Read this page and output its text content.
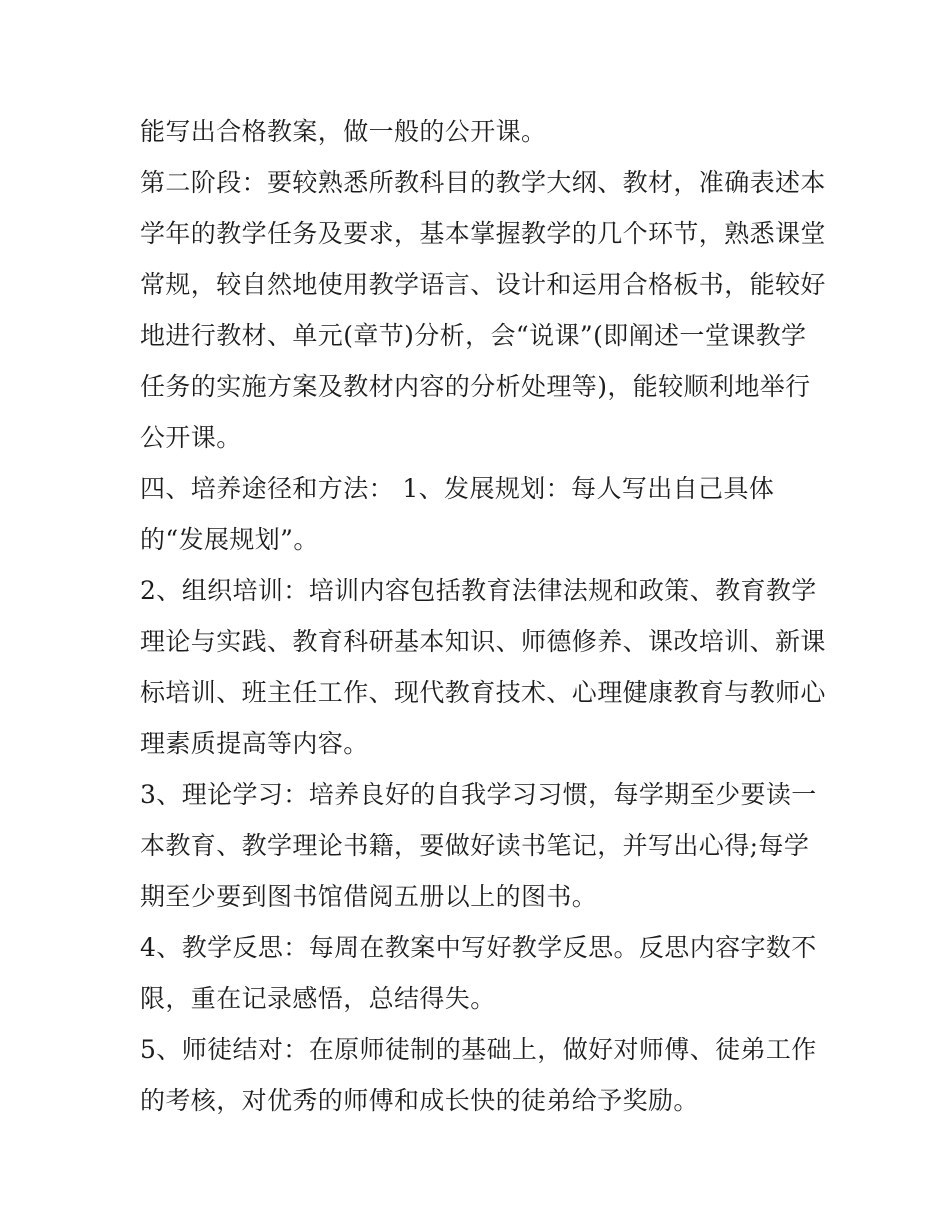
能写出合格教案，做一般的公开课。
第二阶段：要较熟悉所教科目的教学大纲、教材，准确表述本
学年的教学任务及要求，基本掌握教学的几个环节，熟悉课堂
常规，较自然地使用教学语言、设计和运用合格板书，能较好
地进行教材、单元(章节)分析，会“说课”(即阐述一堂课教学
任务的实施方案及教材内容的分析处理等)，能较顺利地举行
公开课。
四、培养途径和方法： 1、发展规划：每人写出自己具体
的“发展规划”。
2、组织培训：培训内容包括教育法律法规和政策、教育教学
理论与实践、教育科研基本知识、师德修养、课改培训、新课
标培训、班主任工作、现代教育技术、心理健康教育与教师心
理素质提高等内容。
3、理论学习：培养良好的自我学习习惯，每学期至少要读一
本教育、教学理论书籍，要做好读书笔记，并写出心得;每学
期至少要到图书馆借阅五册以上的图书。
4、教学反思：每周在教案中写好教学反思。反思内容字数不
限，重在记录感悟，总结得失。
5、师徒结对：在原师徒制的基础上，做好对师傅、徒弟工作
的考核，对优秀的师傅和成长快的徒弟给予奖励。
